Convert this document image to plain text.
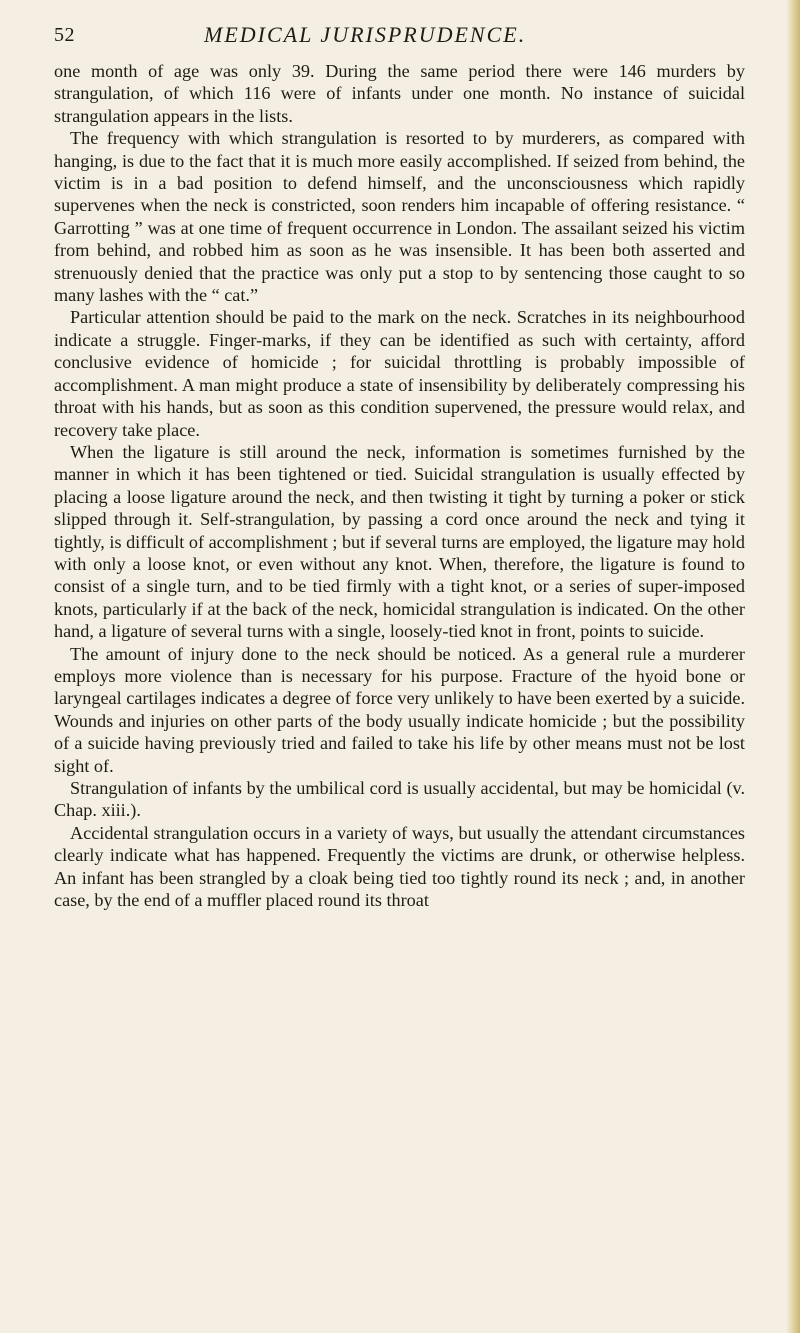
52	MEDICAL JURISPRUDENCE.

one month of age was only 39. During the same period there were 146 murders by strangulation, of which 116 were of infants under one month. No instance of suicidal strangulation appears in the lists.

The frequency with which strangulation is resorted to by murderers, as compared with hanging, is due to the fact that it is much more easily accomplished. If seized from behind, the victim is in a bad position to defend himself, and the unconsciousness which rapidly supervenes when the neck is constricted, soon renders him incapable of offering resistance. “ Garrotting ” was at one time of frequent occurrence in London. The assailant seized his victim from behind, and robbed him as soon as he was insensible. It has been both asserted and strenuously denied that the practice was only put a stop to by sentencing those caught to so many lashes with the “ cat.”

Particular attention should be paid to the mark on the neck. Scratches in its neighbourhood indicate a struggle. Finger-marks, if they can be identified as such with certainty, afford conclusive evidence of homicide ; for suicidal throttling is probably impossible of accomplishment. A man might produce a state of insensibility by deliberately compressing his throat with his hands, but as soon as this condition supervened, the pressure would relax, and recovery take place.

When the ligature is still around the neck, information is sometimes furnished by the manner in which it has been tightened or tied. Suicidal strangulation is usually effected by placing a loose ligature around the neck, and then twisting it tight by turning a poker or stick slipped through it. Self-strangulation, by passing a cord once around the neck and tying it tightly, is difficult of accomplishment ; but if several turns are employed, the ligature may hold with only a loose knot, or even without any knot. When, therefore, the ligature is found to consist of a single turn, and to be tied firmly with a tight knot, or a series of super-imposed knots, particularly if at the back of the neck, homicidal strangulation is indicated. On the other hand, a ligature of several turns with a single, loosely-tied knot in front, points to suicide.

The amount of injury done to the neck should be noticed. As a general rule a murderer employs more violence than is necessary for his purpose. Fracture of the hyoid bone or laryngeal cartilages indicates a degree of force very unlikely to have been exerted by a suicide. Wounds and injuries on other parts of the body usually indicate homicide ; but the possibility of a suicide having previously tried and failed to take his life by other means must not be lost sight of.

Strangulation of infants by the umbilical cord is usually accidental, but may be homicidal (v. Chap. xiii.).

Accidental strangulation occurs in a variety of ways, but usually the attendant circumstances clearly indicate what has happened. Frequently the victims are drunk, or otherwise helpless. An infant has been strangled by a cloak being tied too tightly round its neck ; and, in another case, by the end of a muffler placed round its throat
